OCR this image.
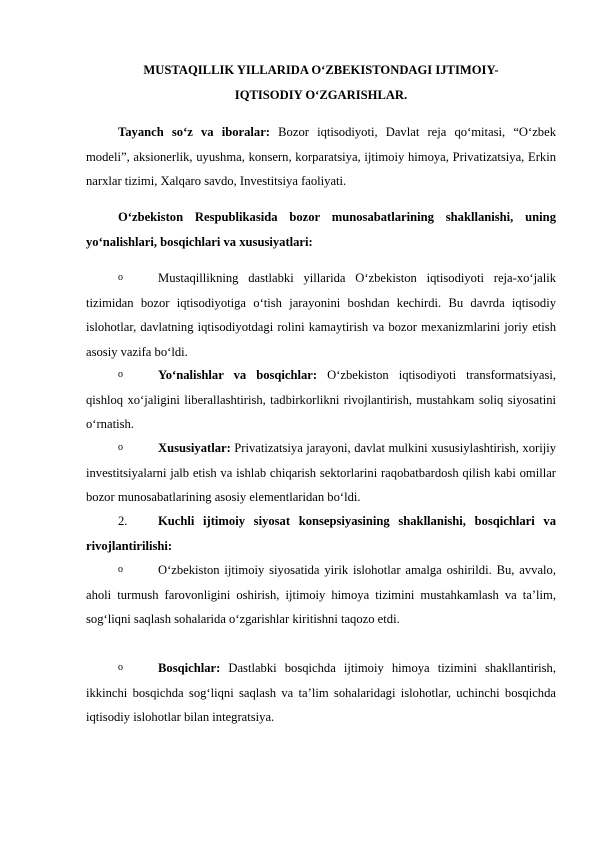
MUSTAQILLIK YILLARIDA O‘ZBEKISTONDAGI IJTIMOIY-
IQTISODIY O‘ZGARISHLAR.
Tayanch so‘z va iboralar: Bozor iqtisodiyoti, Davlat reja qo‘mitasi, “O‘zbek modeli”, aksionerlik, uyushma, konsern, korparatsiya, ijtimoiy himoya, Privatizatsiya, Erkin narxlar tizimi, Xalqaro savdo, Investitsiya faoliyati.
O‘zbekiston Respublikasida bozor munosabatlarining shakllanishi, uning yo‘nalishlari, bosqichlari va xususiyatlari:
o	Mustaqillikning dastlabki yillarida O‘zbekiston iqtisodiyoti reja-xo‘jalik tizimidan bozor iqtisodiyotiga o‘tish jarayonini boshdan kechirdi. Bu davrda iqtisodiy islohotlar, davlatning iqtisodiyotdagi rolini kamaytirish va bozor mexanizmlarini joriy etish asosiy vazifa bo‘ldi.
o	Yo‘nalishlar va bosqichlar: O‘zbekiston iqtisodiyoti transformatsiyasi, qishloq xo‘jaligini liberallashtirish, tadbirkorlikni rivojlantirish, mustahkam soliq siyosatini o‘rnatish.
o	Xususiyatlar: Privatizatsiya jarayoni, davlat mulkini xususiylashtirish, xorijiy investitsiyalarni jalb etish va ishlab chiqarish sektorlarini raqobatbardosh qilish kabi omillar bozor munosabatlarining asosiy elementlaridan bo‘ldi.
2.	Kuchli ijtimoiy siyosat konsepsiyasining shakllanishi, bosqichlari va rivojlantirilishi:
o	O‘zbekiston ijtimoiy siyosatida yirik islohotlar amalga oshirildi. Bu, avvalo, aholi turmush farovonligini oshirish, ijtimoiy himoya tizimini mustahkamlash va ta’lim, sog‘liqni saqlash sohalarida o‘zgarishlar kiritishni taqozo etdi.
o	Bosqichlar: Dastlabki bosqichda ijtimoiy himoya tizimini shakllantirish, ikkinchi bosqichda sog‘liqni saqlash va ta’lim sohalaridagi islohotlar, uchinchi bosqichda iqtisodiy islohotlar bilan integratsiya.
